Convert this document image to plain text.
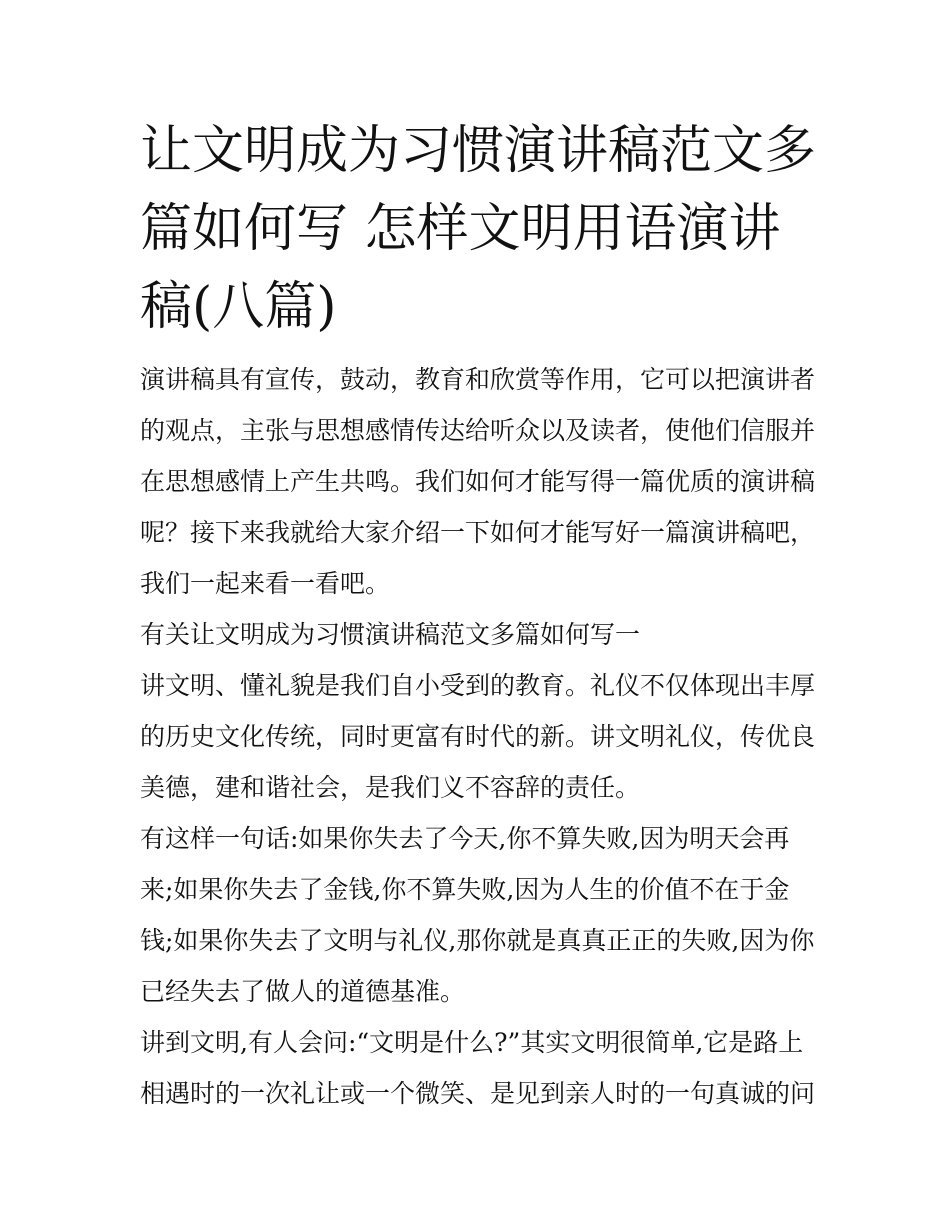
让文明成为习惯演讲稿范文多篇如何写 怎样文明用语演讲稿(八篇)

演讲稿具有宣传，鼓动，教育和欣赏等作用，它可以把演讲者的观点，主张与思想感情传达给听众以及读者，使他们信服并在思想感情上产生共鸣。我们如何才能写得一篇优质的演讲稿呢？接下来我就给大家介绍一下如何才能写好一篇演讲稿吧，我们一起来看一看吧。

有关让文明成为习惯演讲稿范文多篇如何写一

讲文明、懂礼貌是我们自小受到的教育。礼仪不仅体现出丰厚的历史文化传统，同时更富有时代的新。讲文明礼仪，传优良美德，建和谐社会，是我们义不容辞的责任。

有这样一句话:如果你失去了今天,你不算失败,因为明天会再来;如果你失去了金钱,你不算失败,因为人生的价值不在于金钱;如果你失去了文明与礼仪,那你就是真真正正的失败,因为你已经失去了做人的道德基准。

讲到文明,有人会问:“文明是什么?”其实文明很简单,它是路上相遇时的一次礼让或一个微笑、是见到亲人时的一句真诚的问
